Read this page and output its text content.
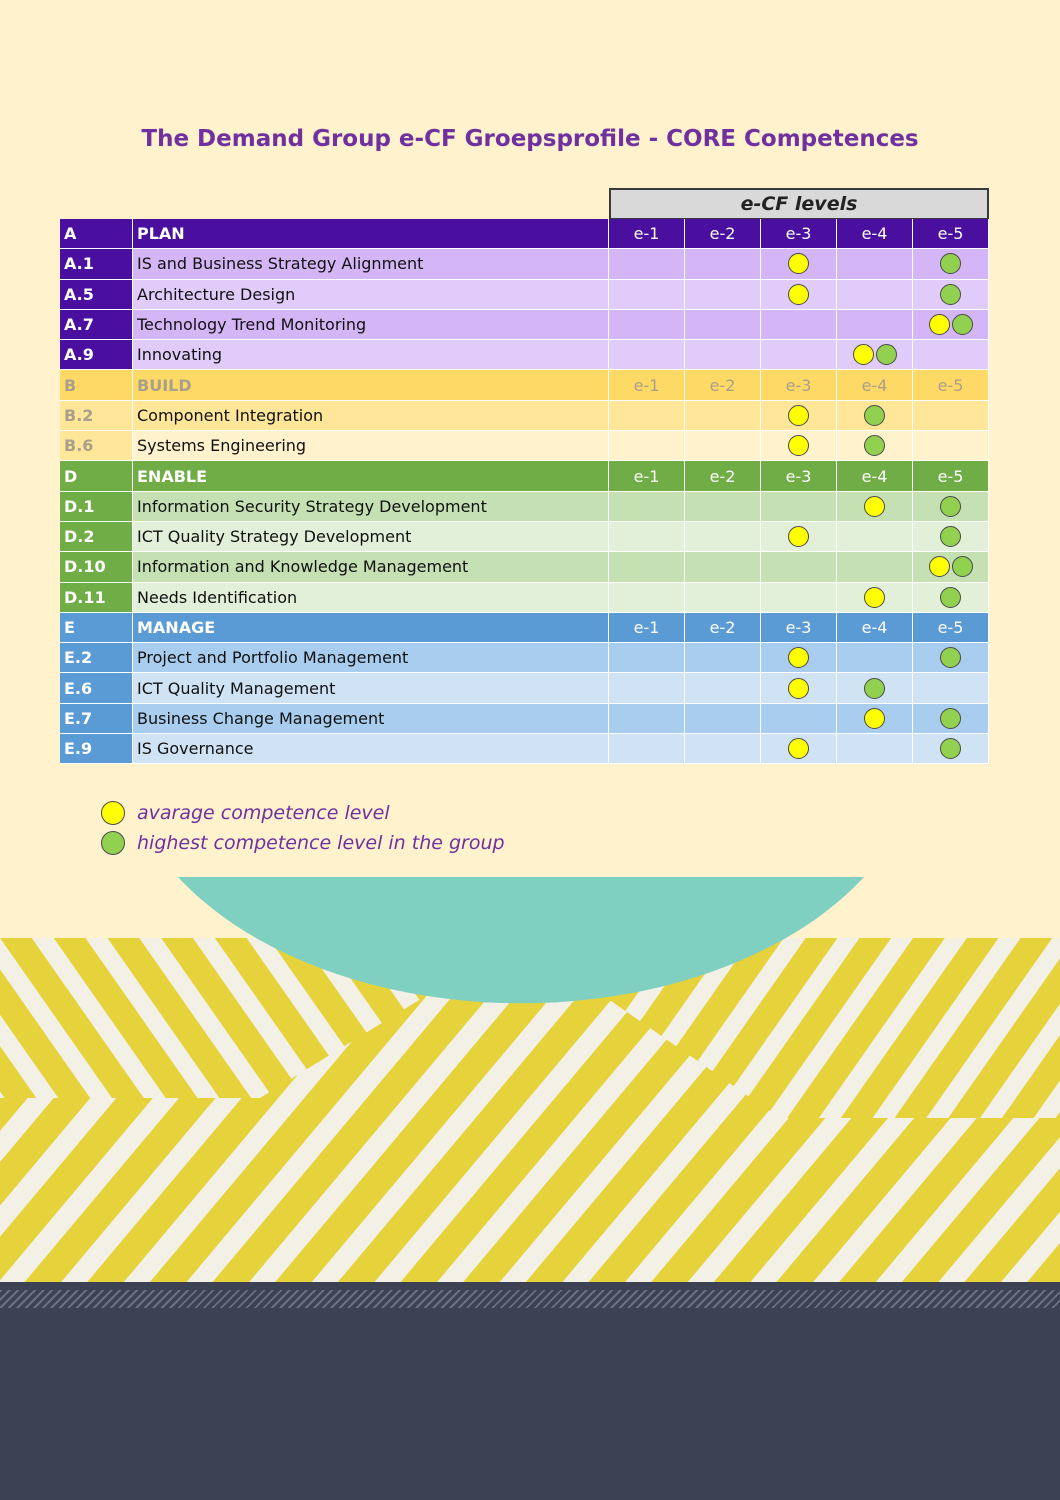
The Demand Group e-CF Groepsprofile - CORE Competences
e-CF levels
A	PLAN	e-1	e-2	e-3	e-4	e-5
A.1	IS and Business Strategy Alignment
A.5	Architecture Design
A.7	Technology Trend Monitoring
A.9	Innovating
B	BUILD	e-1	e-2	e-3	e-4	e-5
B.2	Component Integration
B.6	Systems Engineering
D	ENABLE	e-1	e-2	e-3	e-4	e-5
D.1	Information Security Strategy Development
D.2	ICT Quality Strategy Development
D.10	Information and Knowledge Management
D.11	Needs Identification
E	MANAGE	e-1	e-2	e-3	e-4	e-5
E.2	Project and Portfolio Management
E.6	ICT Quality Management
E.7	Business Change Management
E.9	IS Governance
avarage competence level
highest competence level in the group
